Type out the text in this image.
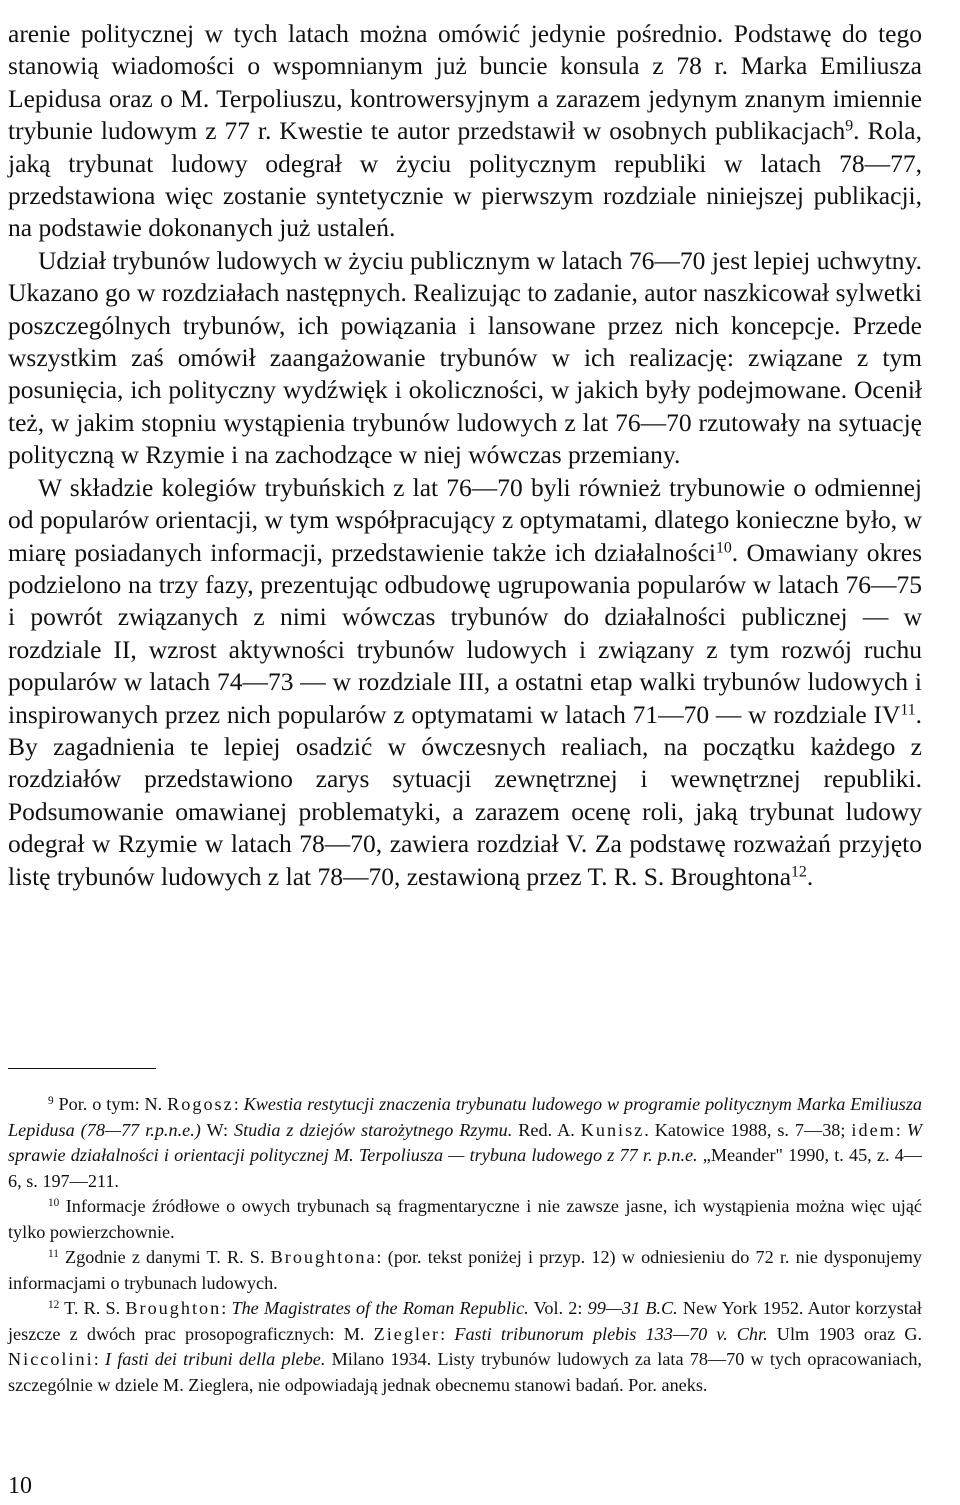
arenie politycznej w tych latach można omówić jedynie pośrednio. Podstawę do tego stanowią wiadomości o wspomnianym już buncie konsula z 78 r. Marka Emiliusza Lepidusa oraz o M. Terpoliuszu, kontrowersyjnym a zarazem jedynym znanym imiennie trybunie ludowym z 77 r. Kwestie te autor przedstawił w osobnych publikacjach$^9$. Rola, jaką trybunat ludowy odegrał w życiu politycznym republiki w latach 78—77, przedstawiona więc zostanie syntetycznie w pierwszym rozdziale niniejszej publikacji, na podstawie dokonanych już ustaleń.

Udział trybunów ludowych w życiu publicznym w latach 76—70 jest lepiej uchwytny. Ukazano go w rozdziałach następnych. Realizując to zadanie, autor naszkicował sylwetki poszczególnych trybunów, ich powiązania i lansowane przez nich koncepcje. Przede wszystkim zaś omówił zaangażowanie trybunów w ich realizację: związane z tym posunięcia, ich polityczny wydźwięk i okoliczności, w jakich były podejmowane. Ocenił też, w jakim stopniu wystąpienia trybunów ludowych z lat 76—70 rzutowały na sytuację polityczną w Rzymie i na zachodzące w niej wówczas przemiany.

W składzie kolegiów trybuńskich z lat 76—70 byli również trybunowie o odmiennej od popularów orientacji, w tym współpracujący z optymatami, dlatego konieczne było, w miarę posiadanych informacji, przedstawienie także ich działalności$^{10}$. Omawiany okres podzielono na trzy fazy, prezentując odbudowę ugrupowania popularów w latach 76—75 i powrót związanych z nimi wówczas trybunów do działalności publicznej — w rozdziale II, wzrost aktywności trybunów ludowych i związany z tym rozwój ruchu popularów w latach 74—73 — w rozdziale III, a ostatni etap walki trybunów ludowych i inspirowanych przez nich popularów z optymatami w latach 71—70 — w rozdziale IV$^{11}$. By zagadnienia te lepiej osadzić w ówczesnych realiach, na początku każdego z rozdziałów przedstawiono zarys sytuacji zewnętrznej i wewnętrznej republiki. Podsumowanie omawianej problematyki, a zarazem ocenę roli, jaką trybunat ludowy odegrał w Rzymie w latach 78—70, zawiera rozdział V. Za podstawę rozważań przyjęto listę trybunów ludowych z lat 78—70, zestawioną przez T. R. S. Broughtona$^{12}$.

$^9$ Por. o tym: N. Rogosz: Kwestia restytucji znaczenia trybunatu ludowego w programie politycznym Marka Emiliusza Lepidusa (78—77 r.p.n.e.) W: Studia z dziejów starożytnego Rzymu. Red. A. Kunisz. Katowice 1988, s. 7—38; idem: W sprawie działalności i orientacji politycznej M. Terpoliusza — trybuna ludowego z 77 r. p.n.e. „Meander" 1990, t. 45, z. 4—6, s. 197—211.

$^{10}$ Informacje źródłowe o owych trybunach są fragmentaryczne i nie zawsze jasne, ich wystąpienia można więc ująć tylko powierzchownie.

$^{11}$ Zgodnie z danymi T. R. S. Broughtona: (por. tekst poniżej i przyp. 12) w odniesieniu do 72 r. nie dysponujemy informacjami o trybunach ludowych.

$^{12}$ T. R. S. Broughton: The Magistrates of the Roman Republic. Vol. 2: 99—31 B.C. New York 1952. Autor korzystał jeszcze z dwóch prac prosopograficznych: M. Ziegler: Fasti tribunorum plebis 133—70 v. Chr. Ulm 1903 oraz G. Niccolini: I fasti dei tribuni della plebe. Milano 1934. Listy trybunów ludowych za lata 78—70 w tych opracowaniach, szczególnie w dziele M. Zieglera, nie odpowiadają jednak obecnemu stanowi badań. Por. aneks.

10
